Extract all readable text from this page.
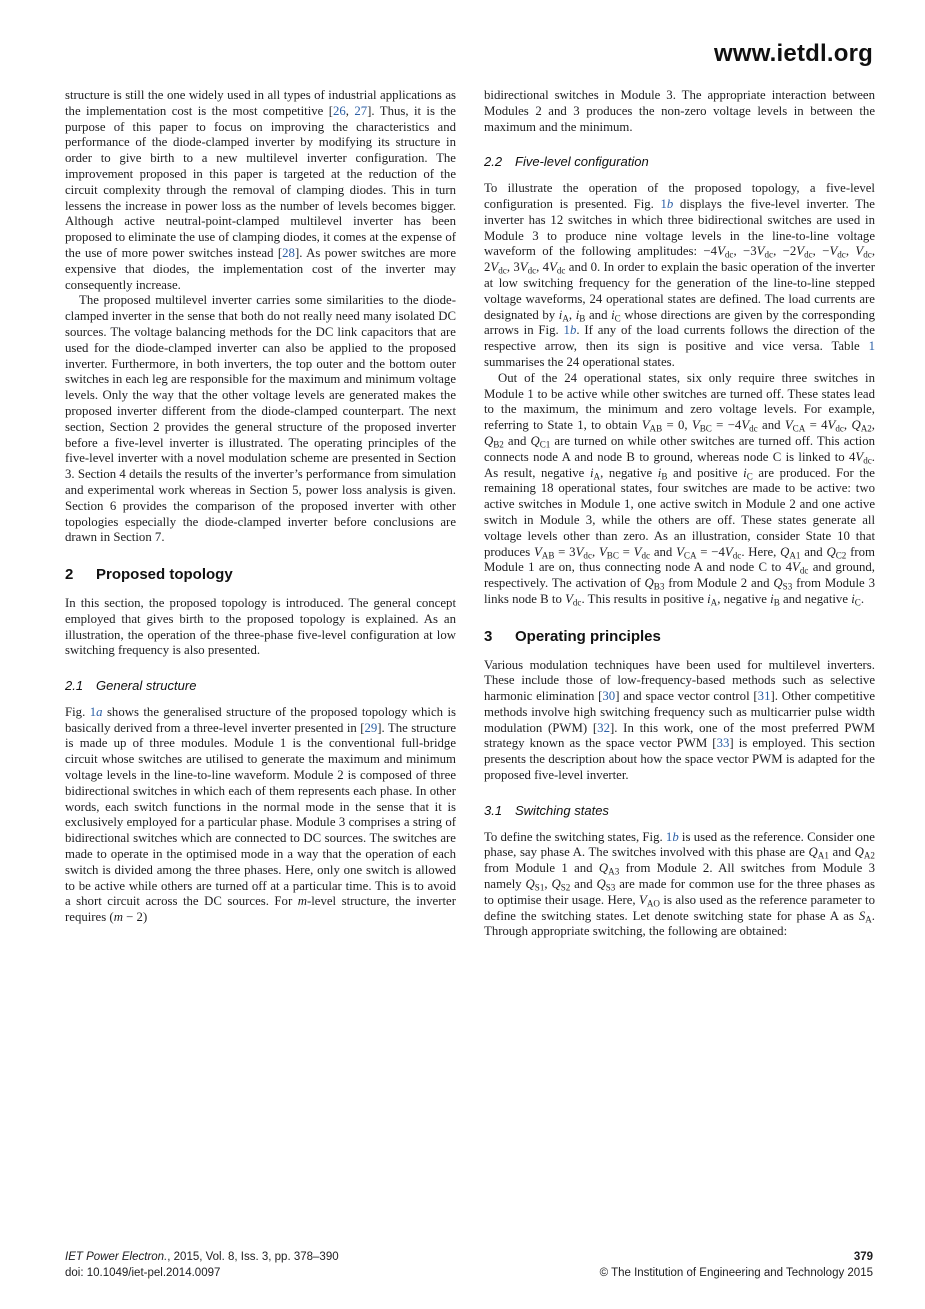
www.ietdl.org

structure is still the one widely used in all types of industrial applications as the implementation cost is the most competitive [26, 27]. Thus, it is the purpose of this paper to focus on improving the characteristics and performance of the diode-clamped inverter by modifying its structure in order to give birth to a new multilevel inverter configuration. The improvement proposed in this paper is targeted at the reduction of the circuit complexity through the removal of clamping diodes. This in turn lessens the increase in power loss as the number of levels becomes bigger. Although active neutral-point-clamped multilevel inverter has been proposed to eliminate the use of clamping diodes, it comes at the expense of the use of more power switches instead [28]. As power switches are more expensive that diodes, the implementation cost of the inverter may consequently increase.

The proposed multilevel inverter carries some similarities to the diode-clamped inverter in the sense that both do not really need many isolated DC sources. The voltage balancing methods for the DC link capacitors that are used for the diode-clamped inverter can also be applied to the proposed inverter. Furthermore, in both inverters, the top outer and the bottom outer switches in each leg are responsible for the maximum and minimum voltage levels. Only the way that the other voltage levels are generated makes the proposed inverter different from the diode-clamped counterpart. The next section, Section 2 provides the general structure of the proposed inverter before a five-level inverter is illustrated. The operating principles of the five-level inverter with a novel modulation scheme are presented in Section 3. Section 4 details the results of the inverter’s performance from simulation and experimental work whereas in Section 5, power loss analysis is given. Section 6 provides the comparison of the proposed inverter with other topologies especially the diode-clamped inverter before conclusions are drawn in Section 7.

2	Proposed topology

In this section, the proposed topology is introduced. The general concept employed that gives birth to the proposed topology is explained. As an illustration, the operation of the three-phase five-level configuration at low switching frequency is also presented.

2.1 General structure

Fig. 1a shows the generalised structure of the proposed topology which is basically derived from a three-level inverter presented in [29]. The structure is made up of three modules. Module 1 is the conventional full-bridge circuit whose switches are utilised to generate the maximum and minimum voltage levels in the line-to-line waveform. Module 2 is composed of three bidirectional switches in which each of them represents each phase. In other words, each switch functions in the normal mode in the sense that it is exclusively employed for a particular phase. Module 3 comprises a string of bidirectional switches which are connected to DC sources. The switches are made to operate in the optimised mode in a way that the operation of each switch is divided among the three phases. Here, only one switch is allowed to be active while others are turned off at a particular time. This is to avoid a short circuit across the DC sources. For m-level structure, the inverter requires (m − 2)

bidirectional switches in Module 3. The appropriate interaction between Modules 2 and 3 produces the non-zero voltage levels in between the maximum and the minimum.

2.2 Five-level configuration

To illustrate the operation of the proposed topology, a five-level configuration is presented. Fig. 1b displays the five-level inverter. The inverter has 12 switches in which three bidirectional switches are used in Module 3 to produce nine voltage levels in the line-to-line voltage waveform of the following amplitudes: $-4V_{dc}$, $-3V_{dc}$, $-2V_{dc}$, $-V_{dc}$, $V_{dc}$, $2V_{dc}$, $3V_{dc}$, $4V_{dc}$ and 0. In order to explain the basic operation of the inverter at low switching frequency for the generation of the line-to-line stepped voltage waveforms, 24 operational states are defined. The load currents are designated by $i_A$, $i_B$ and $i_C$ whose directions are given by the corresponding arrows in Fig. 1b. If any of the load currents follows the direction of the respective arrow, then its sign is positive and vice versa. Table 1 summarises the 24 operational states.

Out of the 24 operational states, six only require three switches in Module 1 to be active while other switches are turned off. These states lead to the maximum, the minimum and zero voltage levels. For example, referring to State 1, to obtain $V_{AB} = 0$, $V_{BC} = -4V_{dc}$ and $V_{CA} = 4V_{dc}$, $Q_{A2}$, $Q_{B2}$ and $Q_{C1}$ are turned on while other switches are turned off. This action connects node A and node B to ground, whereas node C is linked to $4V_{dc}$. As result, negative $i_A$, negative $i_B$ and positive $i_C$ are produced. For the remaining 18 operational states, four switches are made to be active: two active switches in Module 1, one active switch in Module 2 and one active switch in Module 3, while the others are off. These states generate all voltage levels other than zero. As an illustration, consider State 10 that produces $V_{AB} = 3V_{dc}$, $V_{BC} = V_{dc}$ and $V_{CA} = -4V_{dc}$. Here, $Q_{A1}$ and $Q_{C2}$ from Module 1 are on, thus connecting node A and node C to $4V_{dc}$ and ground, respectively. The activation of $Q_{B3}$ from Module 2 and $Q_{S3}$ from Module 3 links node B to $V_{dc}$. This results in positive $i_A$, negative $i_B$ and negative $i_C$.

3	Operating principles

Various modulation techniques have been used for multilevel inverters. These include those of low-frequency-based methods such as selective harmonic elimination [30] and space vector control [31]. Other competitive methods involve high switching frequency such as multicarrier pulse width modulation (PWM) [32]. In this work, one of the most preferred PWM strategy known as the space vector PWM [33] is employed. This section presents the description about how the space vector PWM is adapted for the proposed five-level inverter.

3.1 Switching states

To define the switching states, Fig. 1b is used as the reference. Consider one phase, say phase A. The switches involved with this phase are $Q_{A1}$ and $Q_{A2}$ from Module 1 and $Q_{A3}$ from Module 2. All switches from Module 3 namely $Q_{S1}$, $Q_{S2}$ and $Q_{S3}$ are made for common use for the three phases as to optimise their usage. Here, $V_{AO}$ is also used as the reference parameter to define the switching states. Let denote switching state for phase A as $S_A$. Through appropriate switching, the following are obtained:

IET Power Electron., 2015, Vol. 8, Iss. 3, pp. 378–390
doi: 10.1049/iet-pel.2014.0097
379
© The Institution of Engineering and Technology 2015
